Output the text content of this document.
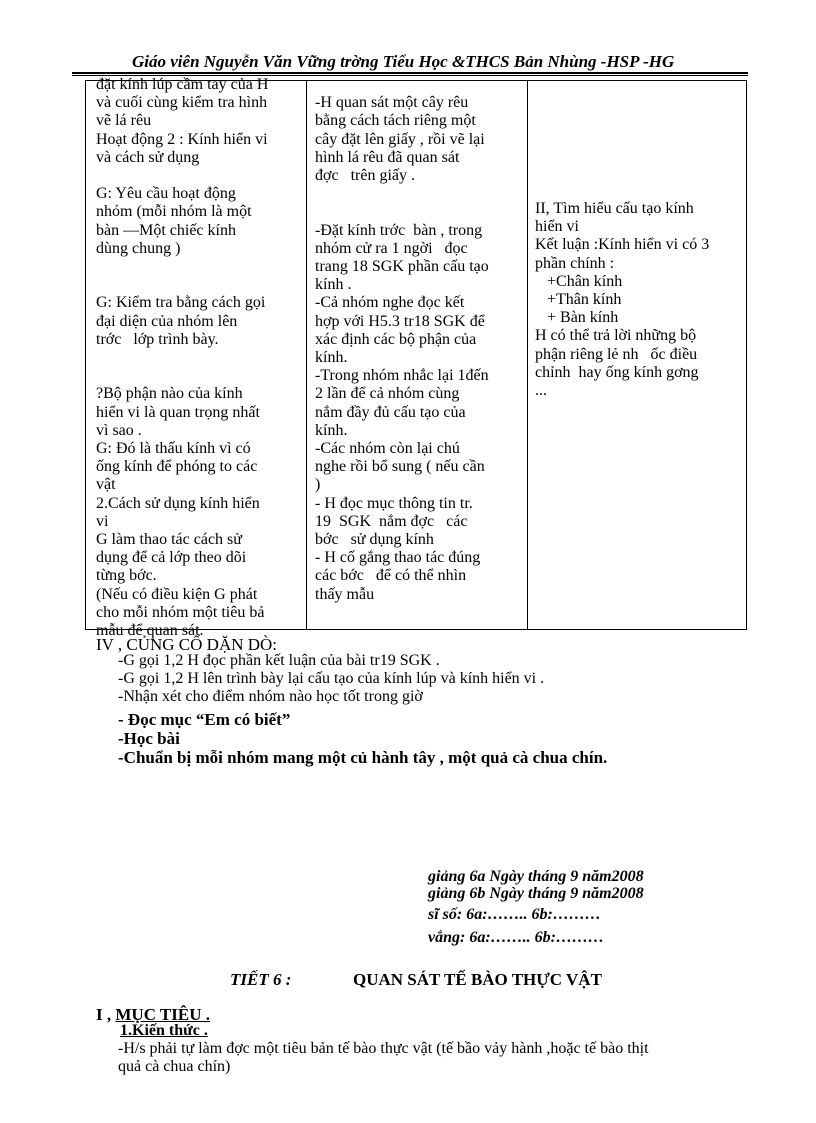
Giáo viên Nguyễn Văn Vững trờng Tiểu Học &THCS Bản Nhùng -HSP -HG

đặt kính lúp cầm tay của H

và cuối cùng kiểm tra hình

vẽ lá rêu

Hoạt động 2 : Kính hiển vi

và cách sử dụng

G: Yêu cầu hoạt động

nhóm (mỗi nhóm là một

bàn —Một chiếc kính

dùng chung )

G: Kiểm tra bằng cách gọi

đại diện của nhóm lên

trớc   lớp trình bày.

?Bộ phận nào của kính

hiển vi là quan trọng nhất

vì sao .

G: Đó là thấu kính vì có

ống kính để phóng to các

vật

2.Cách sử dụng kính hiển

vi

G làm thao tác cách sử

dụng để cả lớp theo dõi

từng bớc.

(Nếu có điều kiện G phát

cho mỗi nhóm một tiêu bả

mẫu để quan sát.

-H quan sát một cây rêu

bằng cách tách riêng một

cây đặt lên giấy , rồi vẽ lại

hình lá rêu đã quan sát

đợc   trên giấy .

-Đặt kính trớc  bàn , trong

nhóm cử ra 1 ngời   đọc

trang 18 SGK phần cấu tạo

kính .

-Cả nhóm nghe đọc kết

hợp với H5.3 tr18 SGK để

xác định các bộ phận của

kính.

-Trong nhóm nhắc lại 1đến

2 lần để cả nhóm cùng

nắm đầy đủ cấu tạo của

kính.

-Các nhóm còn lại chú

nghe rồi bổ sung ( nếu cần

)

- H đọc mục thông tin tr.

19  SGK  nắm đợc   các

bớc   sử dụng kính

- H cố gắng thao tác đúng

các bớc   để có thể nhìn

thấy mẫu

II, Tìm hiểu cấu tạo kính

hiển vi

Kết luận :Kính hiển vi có 3

phần chính :

+Chân kính

+Thân kính

+ Bàn kính

H có thể trả lời những bộ

phận riêng lẻ nh   ốc điều

chỉnh  hay ống kính gơng

...

IV , CỦNG CỐ DẶN DÒ:
-G gọi 1,2 H đọc phần kết luận của bài tr19 SGK .
-G gọi 1,2 H lên trình bày lại cấu tạo của kính lúp và kính hiển vi .
-Nhận xét cho điểm nhóm nào học tốt trong giờ
- Đọc mục “Em có biết”
-Học bài
-Chuẩn bị mỗi nhóm mang một củ hành tây , một quả cà chua chín.
giảng 6a Ngày tháng 9 năm2008
giảng 6b Ngày tháng 9 năm2008
sĩ số: 6a:…….. 6b:………
vắng: 6a:…….. 6b:………
TIẾT 6 :	QUAN SÁT TẾ BÀO THỰC VẬT
I , MỤC TIÊU .
1.Kiến thức .
-H/s phải tự làm đợc một tiêu bản tế bào thực vật (tế bầo vảy hành ,hoặc tế bào thịt
quả cà chua chín)
